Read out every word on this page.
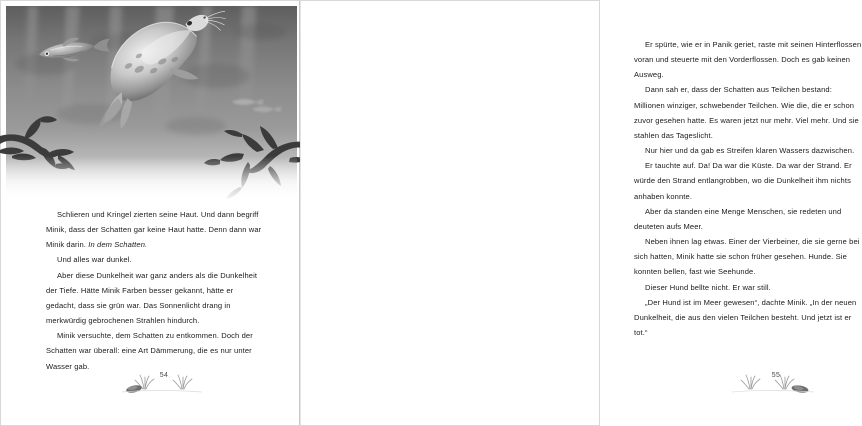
Schlieren und Kringel zierten seine Haut. Und dann begriff Minik, dass der Schatten gar keine Haut hatte. Denn dann war Minik darin. In dem Schatten.

Und alles war dunkel.

Aber diese Dunkelheit war ganz anders als die Dunkelheit der Tiefe. Hätte Minik Farben besser gekannt, hätte er gedacht, dass sie grün war. Das Sonnenlicht drang in merkwürdig gebrochenen Strahlen hindurch.

Minik versuchte, dem Schatten zu entkommen. Doch der Schatten war überall: eine Art Dämmerung, die es nur unter Wasser gab.

54

Er spürte, wie er in Panik geriet, raste mit seinen Hinterflossen voran und steuerte mit den Vorderflossen. Doch es gab keinen Ausweg.

Dann sah er, dass der Schatten aus Teilchen bestand: Millionen winziger, schwebender Teilchen. Wie die, die er schon zuvor gesehen hatte. Es waren jetzt nur mehr. Viel mehr. Und sie stahlen das Tageslicht.

Nur hier und da gab es Streifen klaren Wassers dazwischen.

Er tauchte auf. Da! Da war die Küste. Da war der Strand. Er würde den Strand entlangrobben, wo die Dunkelheit ihm nichts anhaben konnte.

Aber da standen eine Menge Menschen, sie redeten und deuteten aufs Meer.

Neben ihnen lag etwas. Einer der Vierbeiner, die sie gerne bei sich hatten, Minik hatte sie schon früher gesehen. Hunde. Sie konnten bellen, fast wie Seehunde.

Dieser Hund bellte nicht. Er war still.

„Der Hund ist im Meer gewesen“, dachte Minik. „In der neuen Dunkelheit, die aus den vielen Teilchen besteht. Und jetzt ist er tot.“

55
